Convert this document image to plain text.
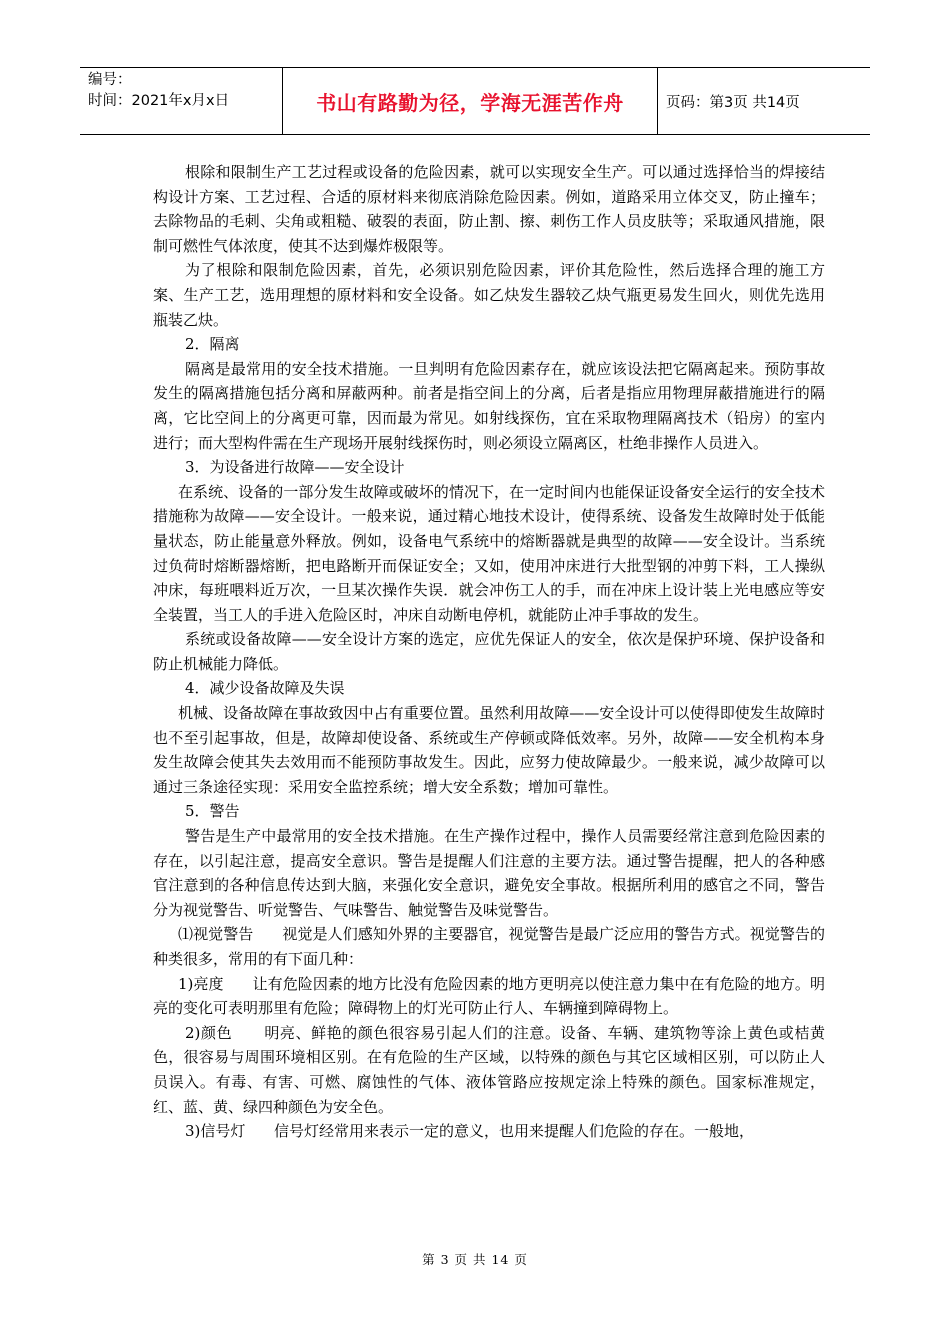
编号：
时间：2021年x月x日	书山有路勤为径，学海无涯苦作舟	页码：第3页 共14页

根除和限制生产工艺过程或设备的危险因素，就可以实现安全生产。可以通过选择恰当的焊接结构设计方案、工艺过程、合适的原材料来彻底消除危险因素。例如，道路采用立体交叉，防止撞车；去除物品的毛刺、尖角或粗糙、破裂的表面，防止割、擦、刺伤工作人员皮肤等；采取通风措施，限制可燃性气体浓度，使其不达到爆炸极限等。

为了根除和限制危险因素，首先，必须识别危险因素，评价其危险性，然后选择合理的施工方案、生产工艺，选用理想的原材料和安全设备。如乙炔发生器较乙炔气瓶更易发生回火，则优先选用瓶装乙炔。

2．隔离

隔离是最常用的安全技术措施。一旦判明有危险因素存在，就应该设法把它隔离起来。预防事故发生的隔离措施包括分离和屏蔽两种。前者是指空间上的分离，后者是指应用物理屏蔽措施进行的隔离，它比空间上的分离更可靠，因而最为常见。如射线探伤，宜在采取物理隔离技术（铅房）的室内进行；而大型构件需在生产现场开展射线探伤时，则必须设立隔离区，杜绝非操作人员进入。

3．为设备进行故障——安全设计

在系统、设备的一部分发生故障或破坏的情况下，在一定时间内也能保证设备安全运行的安全技术措施称为故障——安全设计。一般来说，通过精心地技术设计，使得系统、设备发生故障时处于低能量状态，防止能量意外释放。例如，设备电气系统中的熔断器就是典型的故障——安全设计。当系统过负荷时熔断器熔断，把电路断开而保证安全；又如，使用冲床进行大批型钢的冲剪下料，工人操纵冲床，每班喂料近万次，一旦某次操作失误．就会冲伤工人的手，而在冲床上设计装上光电感应等安全装置，当工人的手进入危险区时，冲床自动断电停机，就能防止冲手事故的发生。

系统或设备故障——安全设计方案的选定，应优先保证人的安全，依次是保护环境、保护设备和防止机械能力降低。

4．减少设备故障及失误

机械、设备故障在事故致因中占有重要位置。虽然利用故障——安全设计可以使得即使发生故障时也不至引起事故，但是，故障却使设备、系统或生产停顿或降低效率。另外，故障——安全机构本身发生故障会使其失去效用而不能预防事故发生。因此，应努力使故障最少。一般来说，减少故障可以通过三条途径实现：采用安全监控系统；增大安全系数；增加可靠性。

5．警告

警告是生产中最常用的安全技术措施。在生产操作过程中，操作人员需要经常注意到危险因素的存在，以引起注意，提高安全意识。警告是提醒人们注意的主要方法。通过警告提醒，把人的各种感官注意到的各种信息传达到大脑，来强化安全意识，避免安全事故。根据所利用的感官之不同，警告分为视觉警告、听觉警告、气味警告、触觉警告及味觉警告。

⑴视觉警告      视觉是人们感知外界的主要器官，视觉警告是最广泛应用的警告方式。视觉警告的种类很多，常用的有下面几种：

1)亮度      让有危险因素的地方比没有危险因素的地方更明亮以使注意力集中在有危险的地方。明亮的变化可表明那里有危险；障碍物上的灯光可防止行人、车辆撞到障碍物上。

2)颜色      明亮、鲜艳的颜色很容易引起人们的注意。设备、车辆、建筑物等涂上黄色或桔黄色，很容易与周围环境相区别。在有危险的生产区域，以特殊的颜色与其它区域相区别，可以防止人员误入。有毒、有害、可燃、腐蚀性的气体、液体管路应按规定涂上特殊的颜色。国家标准规定，红、蓝、黄、绿四种颜色为安全色。

3)信号灯      信号灯经常用来表示一定的意义，也用来提醒人们危险的存在。一般地，

第 3 页 共 14 页
